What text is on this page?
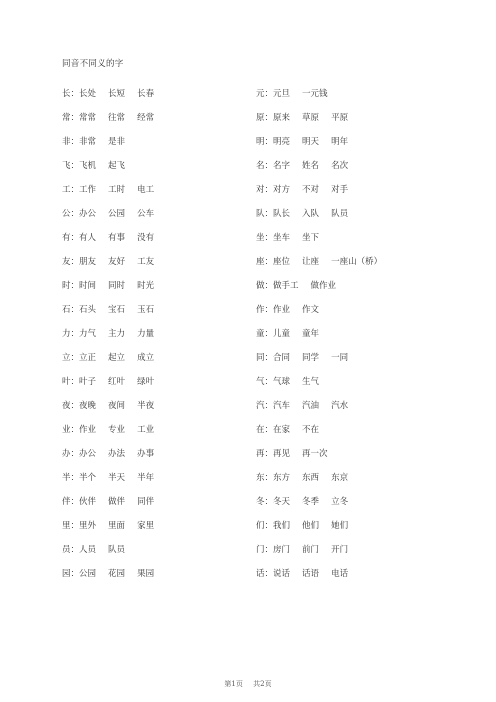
同音不同义的字
长：长处 长短 长春
常：常常 往常 经常
非：非常 是非
飞：飞机 起飞
工：工作 工时 电工
公：办公 公园 公车
有：有人 有事 没有
友：朋友 友好 工友
时：时间 同时 时光
石：石头 宝石 玉石
力：力气 主力 力量
立：立正 起立 成立
叶：叶子 红叶 绿叶
夜：夜晚 夜间 半夜
业：作业 专业 工业
办：办公 办法 办事
半：半个 半天 半年
伴：伙伴 做伴 同伴
里：里外 里面 家里
员：人员 队员
园：公园 花园 果园
元：元旦 一元钱
原：原来 草原 平原
明：明亮 明天 明年
名：名字 姓名 名次
对：对方 不对 对手
队：队长 入队 队员
坐：坐车 坐下
座：座位 让座 一座山（桥）
做：做手工 做作业
作：作业 作文
童：儿童 童年
同：合同 同学 一同
气：气球 生气
汽：汽车 汽油 汽水
在：在家 不在
再：再见 再一次
东：东方 东西 东京
冬：冬天 冬季 立冬
们：我们 他们 她们
门：房门 前门 开门
话：说话 话语 电话
第1页 共2页
